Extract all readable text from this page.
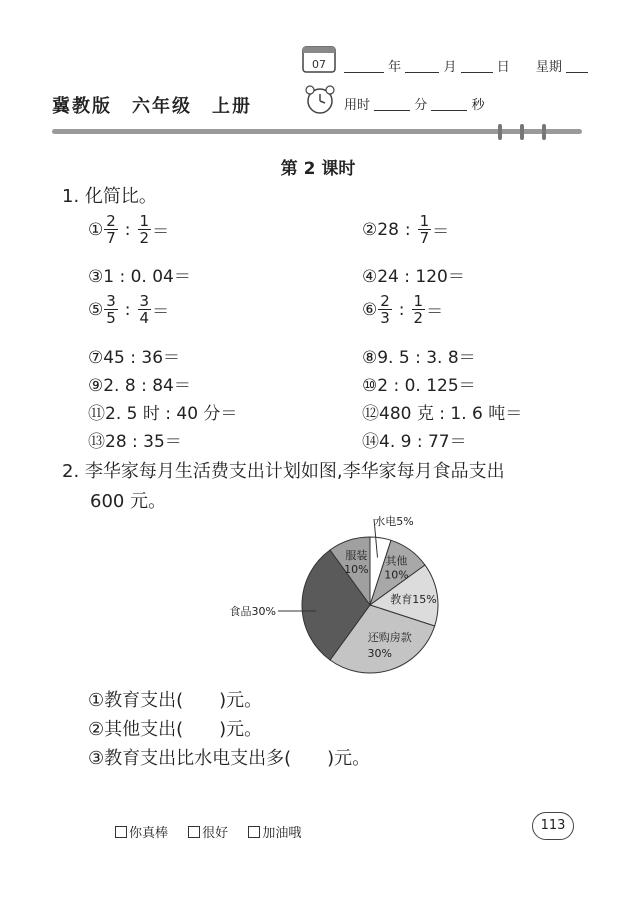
07	年	月	日 星期
冀教版　六年级　上册	用时	分	秒
第 2 课时
1. 化简比。
① $\frac{2}{7}$ : $\frac{1}{2}$ ＝	② 28 : $\frac{1}{7}$ ＝
③1 : 0. 04＝	④24 : 120＝
⑤ $\frac{3}{5}$ : $\frac{3}{4}$ ＝	⑥ $\frac{2}{3}$ : $\frac{1}{2}$ ＝
⑦45 : 36＝	⑧9. 5 : 3. 8＝
⑨2. 8 : 84＝	⑩2 : 0. 125＝
⑪2. 5 时 : 40 分＝	⑫480 克 : 1. 6 吨＝
⑬28 : 35＝	⑭4. 9 : 77＝
2. 李华家每月生活费支出计划如图,李华家每月食品支出
600 元。
水电5%
其他
10%
教育15%
还购房款
30%
食品30%
服装
10%
①教育支出(　　)元。
②其他支出(　　)元。
③教育支出比水电支出多(　　)元。
你真棒	很好	加油哦
113
